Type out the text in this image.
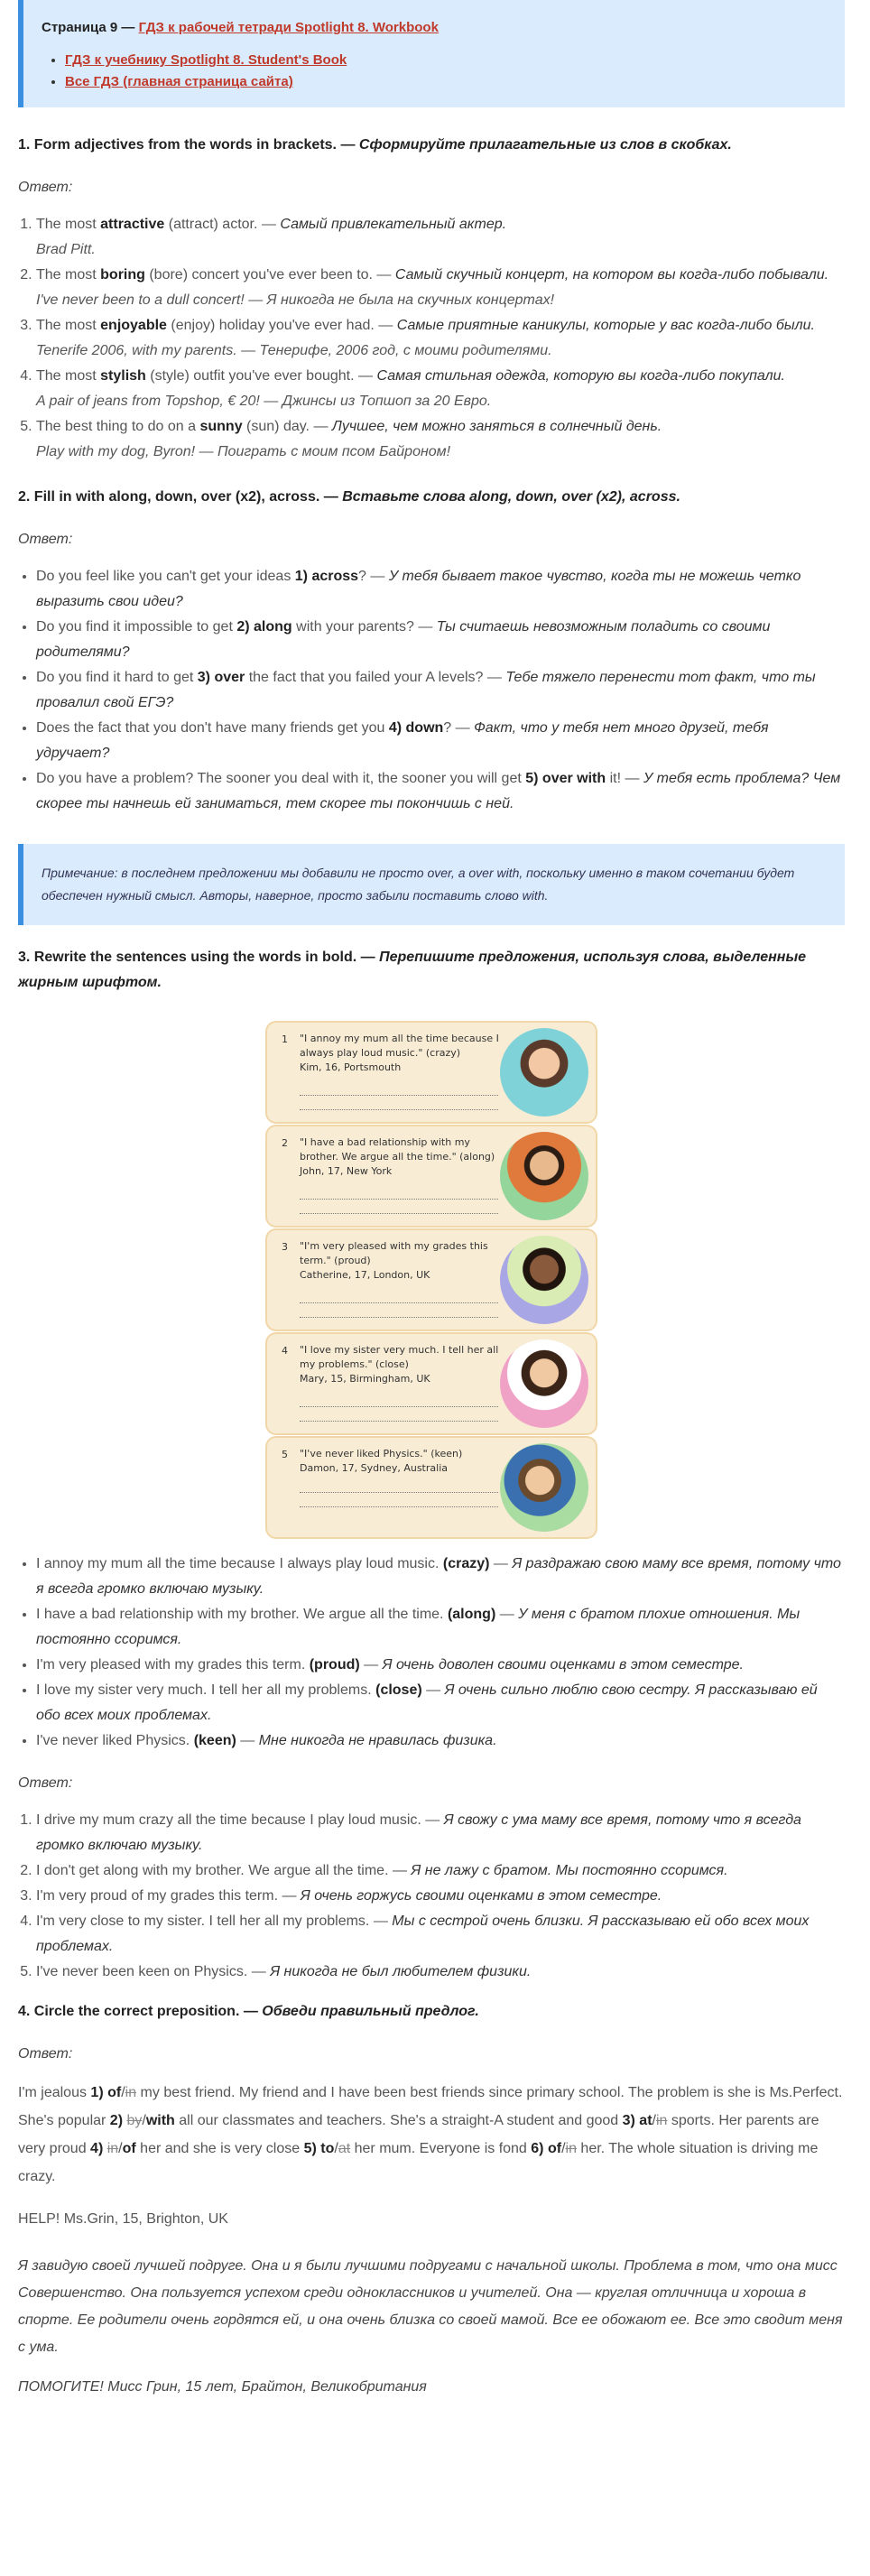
Страница 9 — ГДЗ к рабочей тетради Spotlight 8. Workbook
• ГДЗ к учебнику Spotlight 8. Student's Book
• Все ГДЗ (главная страница сайта)
1. Form adjectives from the words in brackets. — Сформируйте прилагательные из слов в скобках.
Ответ:
1. The most attractive (attract) actor. — Самый привлекательный актер.
Brad Pitt.
2. The most boring (bore) concert you've ever been to. — Самый скучный концерт, на котором вы когда-либо побывали.
I've never been to a dull concert! — Я никогда не была на скучных концертах!
3. The most enjoyable (enjoy) holiday you've ever had. — Самые приятные каникулы, которые у вас когда-либо были.
Tenerife 2006, with my parents. — Тенерифе, 2006 год, с моими родителями.
4. The most stylish (style) outfit you've ever bought. — Самая стильная одежда, которую вы когда-либо покупали.
A pair of jeans from Topshop, € 20! — Джинсы из Топшоп за 20 Евро.
5. The best thing to do on a sunny (sun) day. — Лучшее, чем можно заняться в солнечный день.
Play with my dog, Byron! — Поиграть с моим псом Байроном!
2. Fill in with along, down, over (x2), across. — Вставьте слова along, down, over (x2), across.
Ответ:
• Do you feel like you can't get your ideas 1) across? — У тебя бывает такое чувство, когда ты не можешь четко выразить свои идеи?
• Do you find it impossible to get 2) along with your parents? — Ты считаешь невозможным поладить со своими родителями?
• Do you find it hard to get 3) over the fact that you failed your A levels? — Тебе тяжело перенести тот факт, что ты провалил свой ЕГЭ?
• Does the fact that you don't have many friends get you 4) down? — Факт, что у тебя нет много друзей, тебя удручает?
• Do you have a problem? The sooner you deal with it, the sooner you will get 5) over with it! — У тебя есть проблема? Чем скорее ты начнешь ей заниматься, тем скорее ты покончишь с ней.
Примечание: в последнем предложении мы добавили не просто over, а over with, поскольку именно в таком сочетании будет обеспечен нужный смысл. Авторы, наверное, просто забыли поставить слово with.
3. Rewrite the sentences using the words in bold. — Перепишите предложения, используя слова, выделенные жирным шрифтом.
1 "I annoy my mum all the time because I always play loud music." (crazy)
Kim, 16, Portsmouth
2 "I have a bad relationship with my brother. We argue all the time." (along)
John, 17, New York
3 "I'm very pleased with my grades this term." (proud)
Catherine, 17, London, UK
4 "I love my sister very much. I tell her all my problems." (close)
Mary, 15, Birmingham, UK
5 "I've never liked Physics." (keen)
Damon, 17, Sydney, Australia
• I annoy my mum all the time because I always play loud music. (crazy) — Я раздражаю свою маму все время, потому что я всегда громко включаю музыку.
• I have a bad relationship with my brother. We argue all the time. (along) — У меня с братом плохие отношения. Мы постоянно ссоримся.
• I'm very pleased with my grades this term. (proud) — Я очень доволен своими оценками в этом семестре.
• I love my sister very much. I tell her all my problems. (close) — Я очень сильно люблю свою сестру. Я рассказываю ей обо всех моих проблемах.
• I've never liked Physics. (keen) — Мне никогда не нравилась физика.
Ответ:
1. I drive my mum crazy all the time because I play loud music. — Я свожу с ума маму все время, потому что я всегда громко включаю музыку.
2. I don't get along with my brother. We argue all the time. — Я не лажу с братом. Мы постоянно ссоримся.
3. I'm very proud of my grades this term. — Я очень горжусь своими оценками в этом семестре.
4. I'm very close to my sister. I tell her all my problems. — Мы с сестрой очень близки. Я рассказываю ей обо всех моих проблемах.
5. I've never been keen on Physics. — Я никогда не был любителем физики.
4. Circle the correct preposition. — Обведи правильный предлог.
Ответ:

I'm jealous 1) of/in my best friend. My friend and I have been best friends since primary school. The problem is she is Ms.Perfect. She's popular 2) by/with all our classmates and teachers. She's a straight-A student and good 3) at/in sports. Her parents are very proud 4) in/of her and she is very close 5) to/at her mum. Everyone is fond 6) of/in her. The whole situation is driving me crazy.

HELP! Ms.Grin, 15, Brighton, UK

Я завидую своей лучшей подруге. Она и я были лучшими подругами с начальной школы. Проблема в том, что она мисс Совершенство. Она пользуется успехом среди одноклассников и учителей. Она — круглая отличница и хороша в спорте. Ее родители очень гордятся ей, и она очень близка со своей мамой. Все ее обожают ее. Все это сводит меня с ума.

ПОМОГИТЕ! Мисс Грин, 15 лет, Брайтон, Великобритания
